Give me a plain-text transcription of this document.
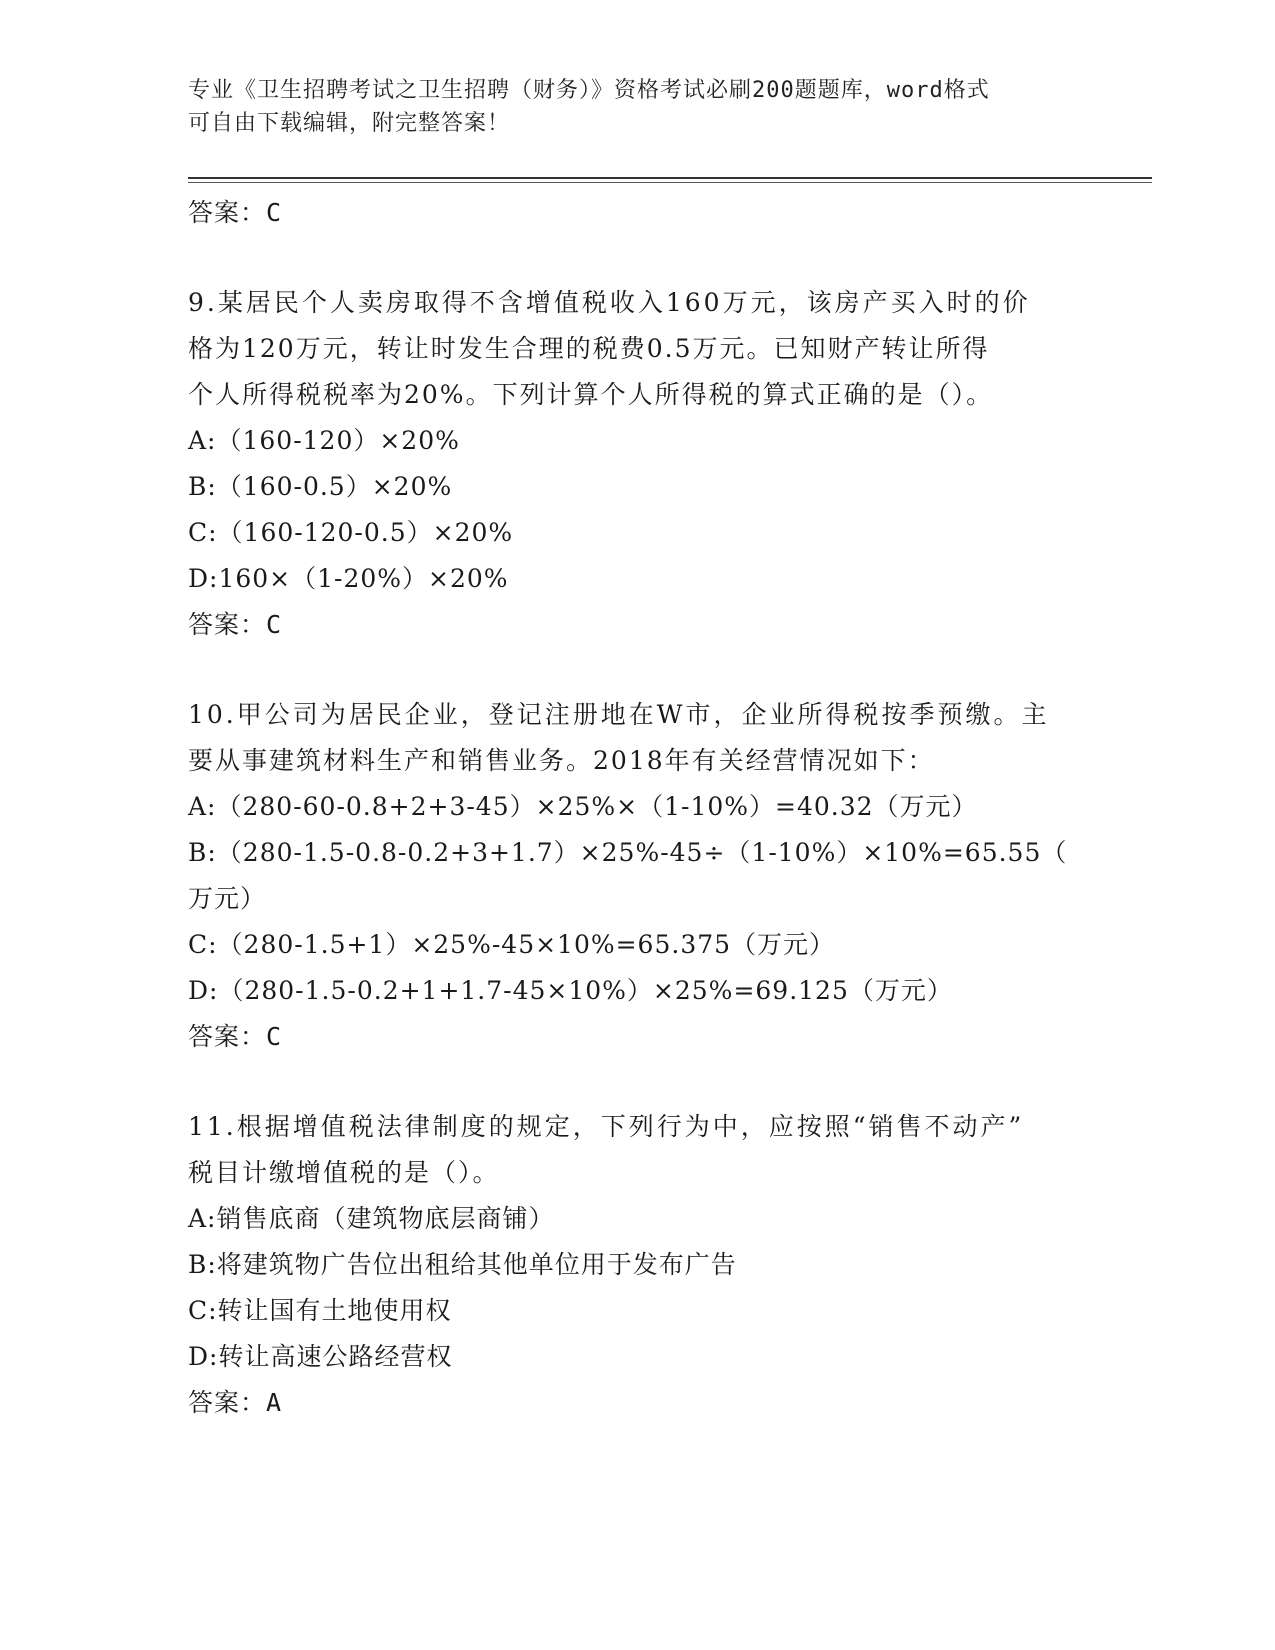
专业《卫生招聘考试之卫生招聘（财务）》资格考试必刷200题题库，word格式
可自由下载编辑，附完整答案！
答案：C
9.某居民个人卖房取得不含增值税收入160万元，该房产买入时的价
格为120万元，转让时发生合理的税费0.5万元。已知财产转让所得
个人所得税税率为20%。下列计算个人所得税的算式正确的是（）。
A:（160-120）×20%
B:（160-0.5）×20%
C:（160-120-0.5）×20%
D:160×（1-20%）×20%
答案：C
10.甲公司为居民企业，登记注册地在W市，企业所得税按季预缴。主
要从事建筑材料生产和销售业务。2018年有关经营情况如下：
A:（280-60-0.8+2+3-45）×25%×（1-10%）=40.32（万元）
B:（280-1.5-0.8-0.2+3+1.7）×25%-45÷（1-10%）×10%=65.55（
万元）
C:（280-1.5+1）×25%-45×10%=65.375（万元）
D:（280-1.5-0.2+1+1.7-45×10%）×25%=69.125（万元）
答案：C
11.根据增值税法律制度的规定，下列行为中，应按照“销售不动产”
税目计缴增值税的是（）。
A:销售底商（建筑物底层商铺）
B:将建筑物广告位出租给其他单位用于发布广告
C:转让国有土地使用权
D:转让高速公路经营权
答案：A
